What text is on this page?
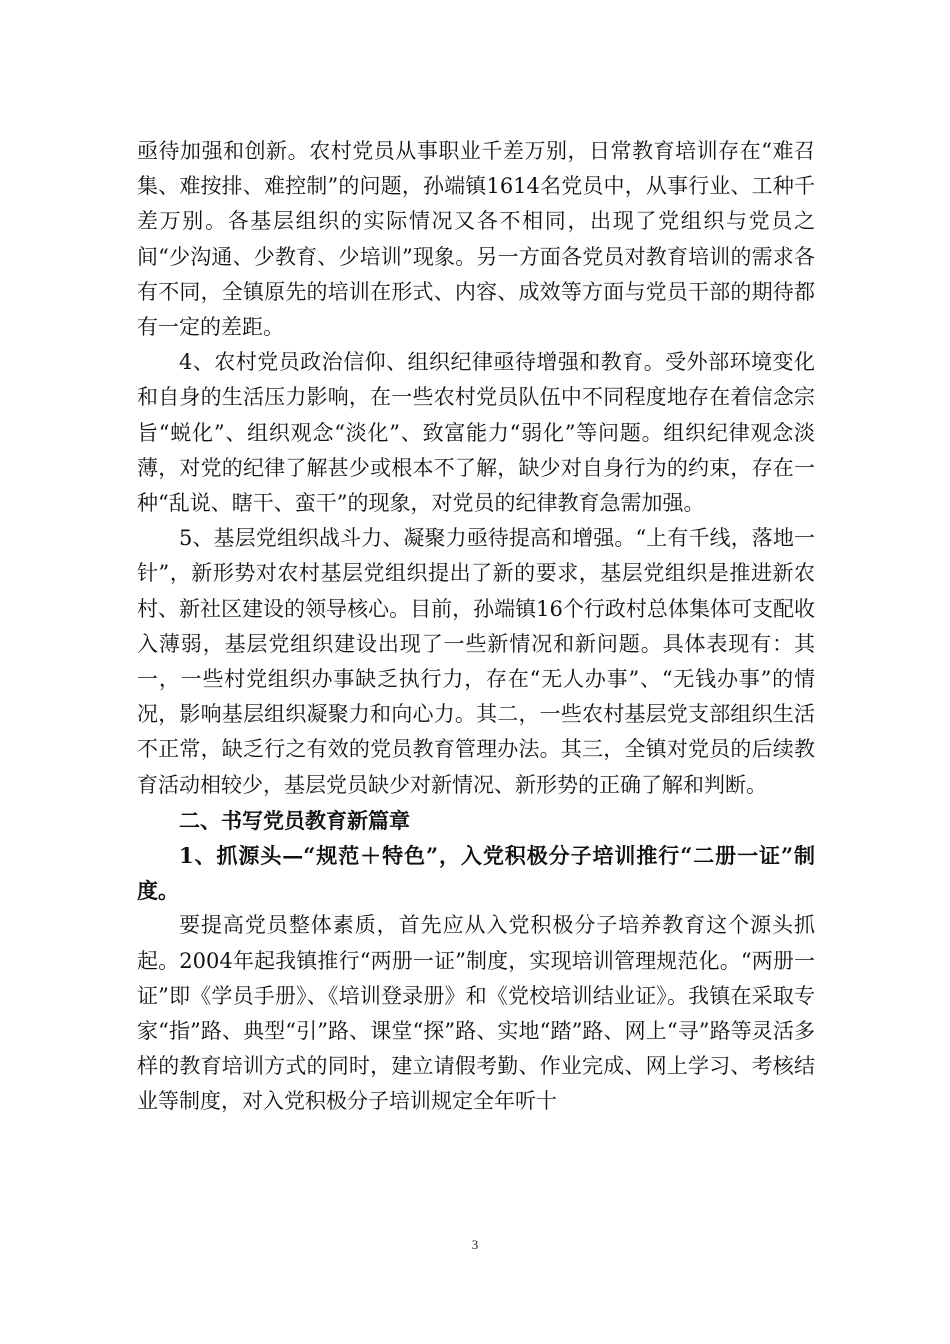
亟待加强和创新。农村党员从事职业千差万别，日常教育培训存在“难召集、难按排、难控制”的问题，孙端镇1614名党员中，从事行业、工种千差万别。各基层组织的实际情况又各不相同，出现了党组织与党员之间“少沟通、少教育、少培训”现象。另一方面各党员对教育培训的需求各有不同，全镇原先的培训在形式、内容、成效等方面与党员干部的期待都有一定的差距。

4、农村党员政治信仰、组织纪律亟待增强和教育。受外部环境变化和自身的生活压力影响，在一些农村党员队伍中不同程度地存在着信念宗旨“蜕化”、组织观念“淡化”、致富能力“弱化”等问题。组织纪律观念淡薄，对党的纪律了解甚少或根本不了解，缺少对自身行为的约束，存在一种“乱说、瞎干、蛮干”的现象，对党员的纪律教育急需加强。

5、基层党组织战斗力、凝聚力亟待提高和增强。“上有千线，落地一针”，新形势对农村基层党组织提出了新的要求，基层党组织是推进新农村、新社区建设的领导核心。目前，孙端镇16个行政村总体集体可支配收入薄弱，基层党组织建设出现了一些新情况和新问题。具体表现有：其一，一些村党组织办事缺乏执行力，存在“无人办事”、“无钱办事”的情况，影响基层组织凝聚力和向心力。其二，一些农村基层党支部组织生活不正常，缺乏行之有效的党员教育管理办法。其三，全镇对党员的后续教育活动相较少，基层党员缺少对新情况、新形势的正确了解和判断。

二、书写党员教育新篇章

1、抓源头—“规范＋特色”，入党积极分子培训推行“二册一证”制度。

要提高党员整体素质，首先应从入党积极分子培养教育这个源头抓起。2004年起我镇推行“两册一证”制度，实现培训管理规范化。“两册一证”即《学员手册》、《培训登录册》和《党校培训结业证》。我镇在采取专家“指”路、典型“引”路、课堂“探”路、实地“踏”路、网上“寻”路等灵活多样的教育培训方式的同时，建立请假考勤、作业完成、网上学习、考核结业等制度，对入党积极分子培训规定全年听十

3
